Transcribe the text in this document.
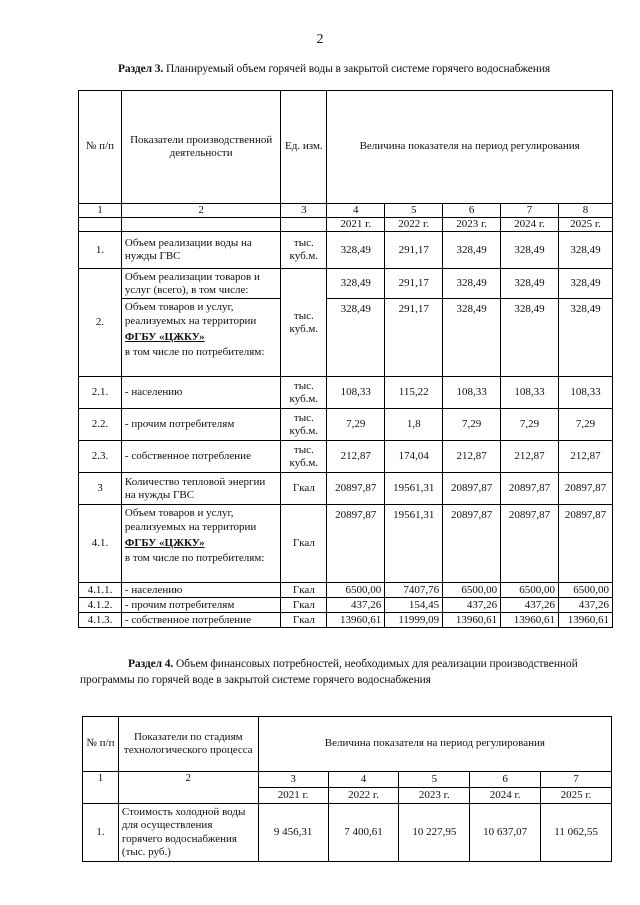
2
Раздел 3. Планируемый объем горячей воды в закрытой системе горячего водоснабжения
№ п/п	Показатели производственной деятельности	Ед. изм.	Величина показателя на период регулирования				
1	2	3	4	5	6	7	8
			2021 г.	2022 г.	2023 г.	2024 г.	2025 г.
1.	Объем реализации воды на нужды ГВС	тыс. куб.м.	328,49	291,17	328,49	328,49	328,49
2.	Объем реализации товаров и услуг (всего), в том числе:	тыс. куб.м.	328,49	291,17	328,49	328,49	328,49
	Объем товаров и услуг, реализуемых на территории
ФГБУ «ЦЖКУ»
в том числе по потребителям:		328,49	291,17	328,49	328,49	328,49
2.1.	- населению	тыс. куб.м.	108,33	115,22	108,33	108,33	108,33
2.2.	- прочим потребителям	тыс. куб.м.	7,29	1,8	7,29	7,29	7,29
2.3.	- собственное потребление	тыс. куб.м.	212,87	174,04	212,87	212,87	212,87
3	Количество тепловой энергии на нужды ГВС	Гкал	20897,87	19561,31	20897,87	20897,87	20897,87
4.1.	Объем товаров и услуг, реализуемых на территории
ФГБУ «ЦЖКУ»
в том числе по потребителям:	Гкал	20897,87	19561,31	20897,87	20897,87	20897,87
4.1.1.	- населению	Гкал	6500,00	7407,76	6500,00	6500,00	6500,00
4.1.2.	- прочим потребителям	Гкал	437,26	154,45	437,26	437,26	437,26
4.1.3.	- собственное потребление	Гкал	13960,61	11999,09	13960,61	13960,61	13960,61
Раздел 4. Объем финансовых потребностей, необходимых для реализации производственной программы по горячей воде в закрытой системе горячего водоснабжения
№ п/п	Показатели по стадиям технологического процесса	Величина показателя на период регулирования				
1	2	3	4	5	6	7
		2021 г.	2022 г.	2023 г.	2024 г.	2025 г.
1.	Стоимость холодной воды для осуществления горячего водоснабжения (тыс. руб.)	9 456,31	7 400,61	10 227,95	10 637,07	11 062,55
